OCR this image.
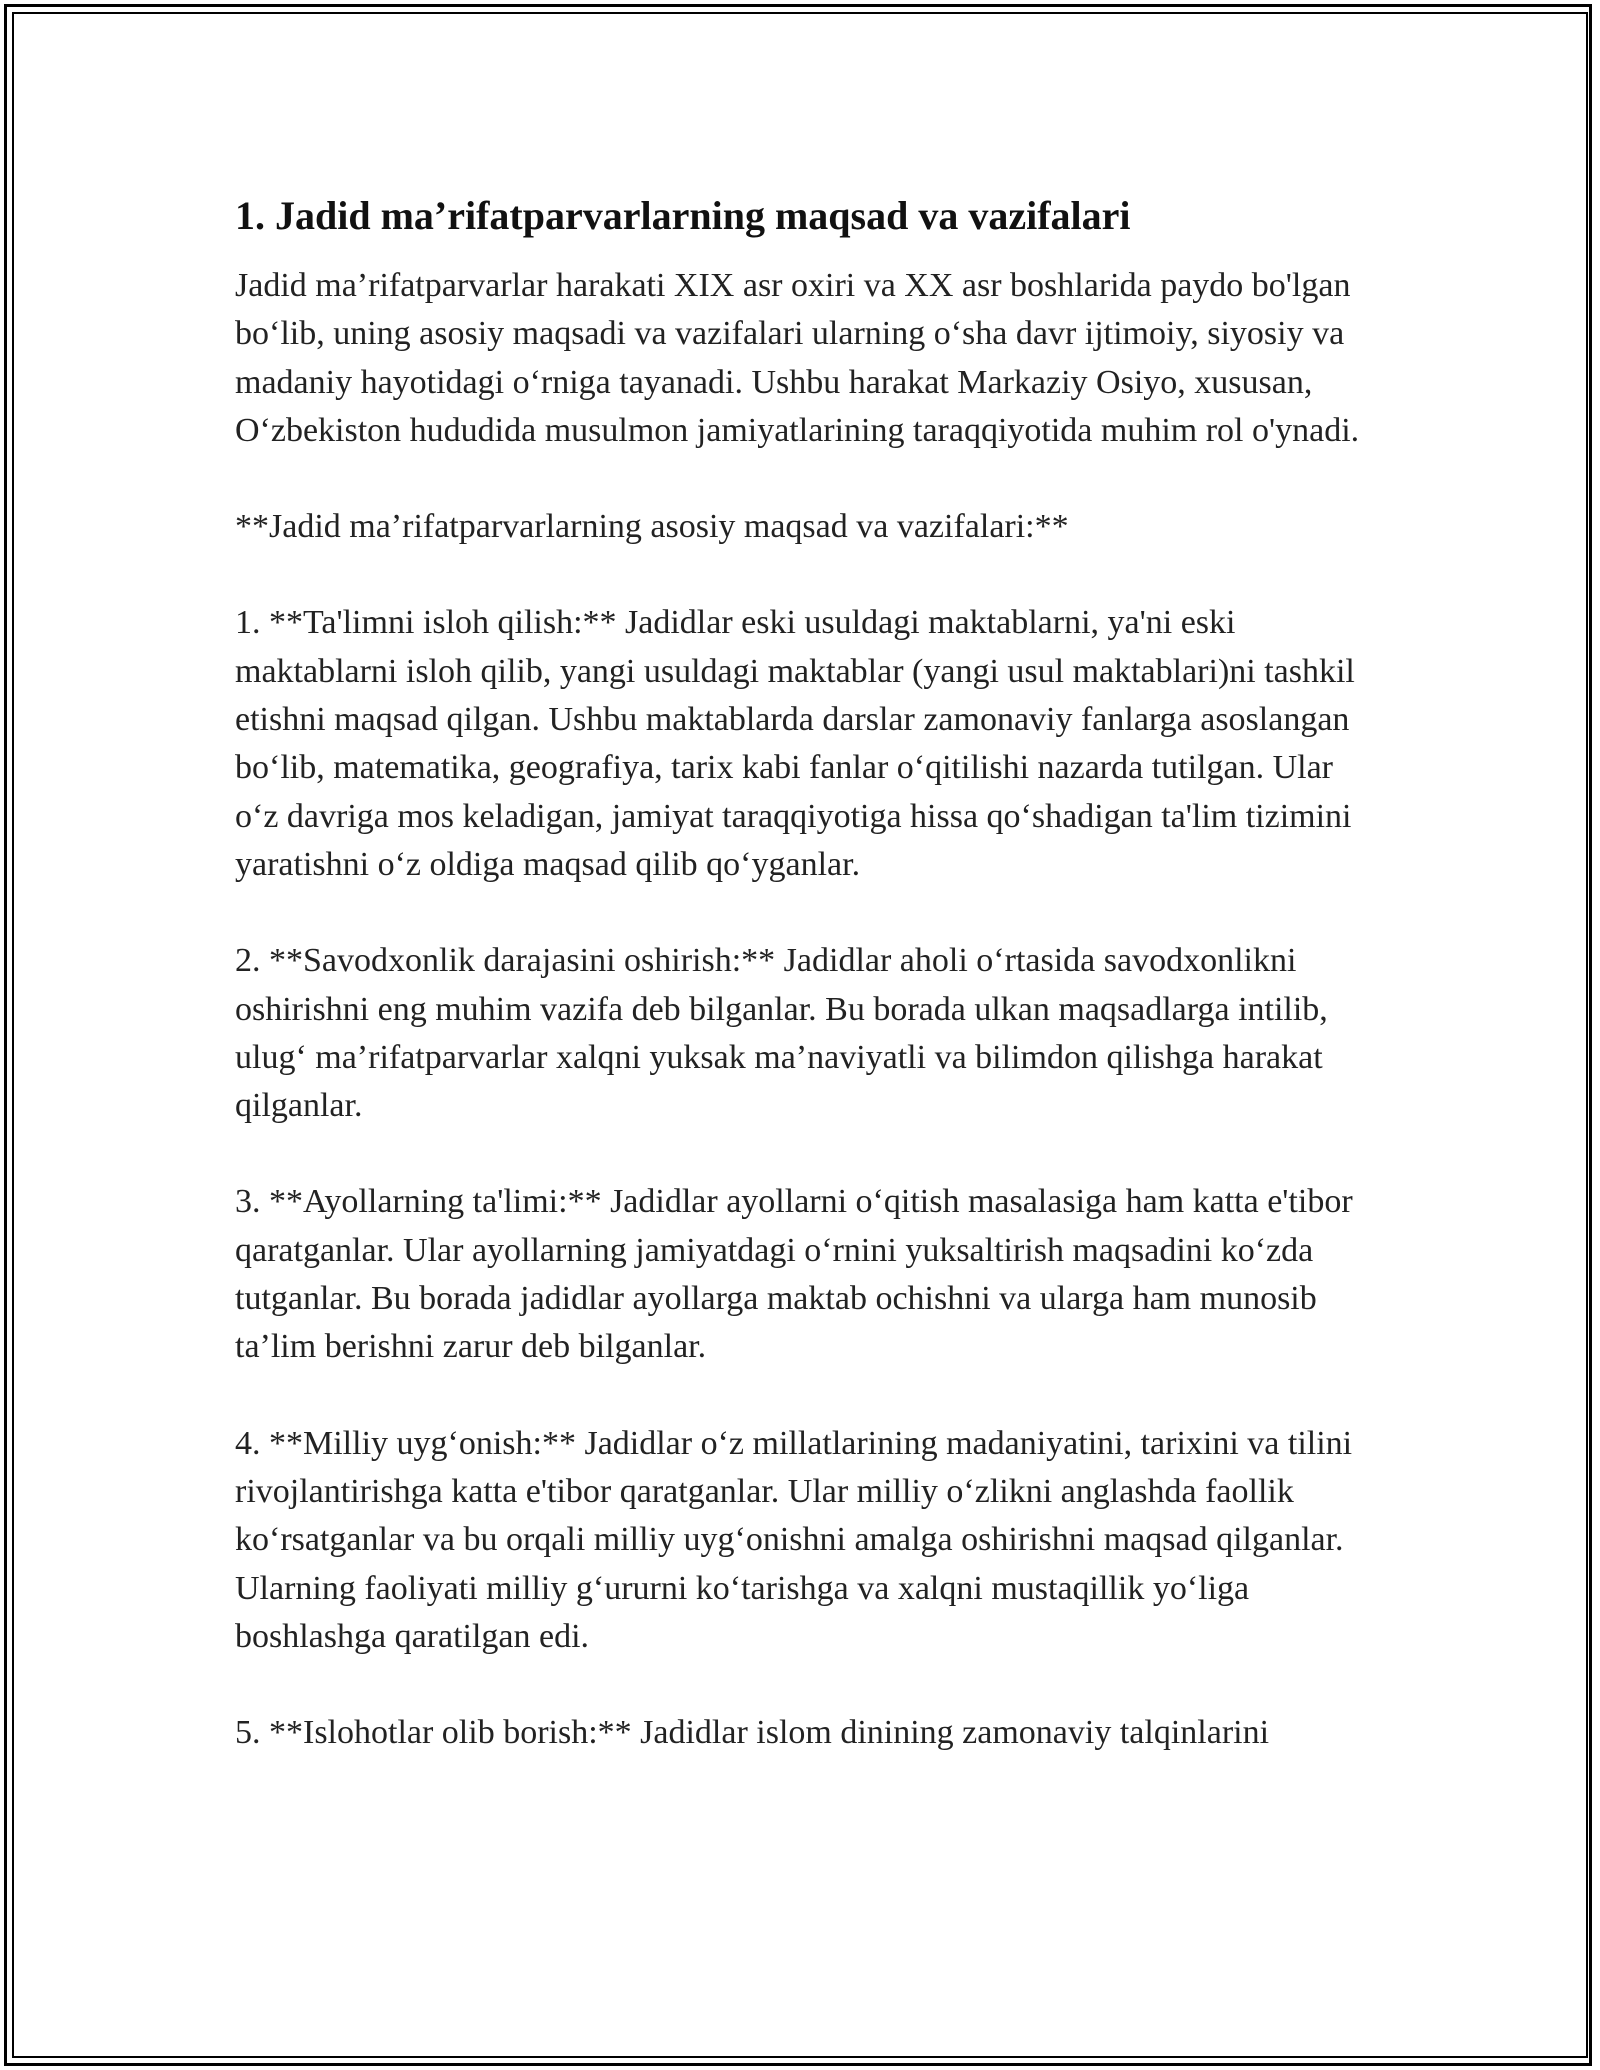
1. Jadid ma’rifatparvarlarning maqsad va vazifalari

Jadid ma’rifatparvarlar harakati XIX asr oxiri va XX asr boshlarida paydo bo'lgan bo‘lib, uning asosiy maqsadi va vazifalari ularning o‘sha davr ijtimoiy, siyosiy va madaniy hayotidagi o‘rniga tayanadi. Ushbu harakat Markaziy Osiyo, xususan, O‘zbekiston hududida musulmon jamiyatlarining taraqqiyotida muhim rol o'ynadi.

**Jadid ma’rifatparvarlarning asosiy maqsad va vazifalari:**

1. **Ta'limni isloh qilish:** Jadidlar eski usuldagi maktablarni, ya'ni eski maktablarni isloh qilib, yangi usuldagi maktablar (yangi usul maktablari)ni tashkil etishni maqsad qilgan. Ushbu maktablarda darslar zamonaviy fanlarga asoslangan bo‘lib, matematika, geografiya, tarix kabi fanlar o‘qitilishi nazarda tutilgan. Ular o‘z davriga mos keladigan, jamiyat taraqqiyotiga hissa qo‘shadigan ta'lim tizimini yaratishni o‘z oldiga maqsad qilib qo‘yganlar.

2. **Savodxonlik darajasini oshirish:** Jadidlar aholi o‘rtasida savodxonlikni oshirishni eng muhim vazifa deb bilganlar. Bu borada ulkan maqsadlarga intilib, ulug‘ ma’rifatparvarlar xalqni yuksak ma’naviyatli va bilimdon qilishga harakat qilganlar.

3. **Ayollarning ta'limi:** Jadidlar ayollarni o‘qitish masalasiga ham katta e'tibor qaratganlar. Ular ayollarning jamiyatdagi o‘rnini yuksaltirish maqsadini ko‘zda tutganlar. Bu borada jadidlar ayollarga maktab ochishni va ularga ham munosib ta’lim berishni zarur deb bilganlar.

4. **Milliy uyg‘onish:** Jadidlar o‘z millatlarining madaniyatini, tarixini va tilini rivojlantirishga katta e'tibor qaratganlar. Ular milliy o‘zlikni anglashda faollik ko‘rsatganlar va bu orqali milliy uyg‘onishni amalga oshirishni maqsad qilganlar. Ularning faoliyati milliy g‘ururni ko‘tarishga va xalqni mustaqillik yo‘liga boshlashga qaratilgan edi.

5. **Islohotlar olib borish:** Jadidlar islom dinining zamonaviy talqinlarini
